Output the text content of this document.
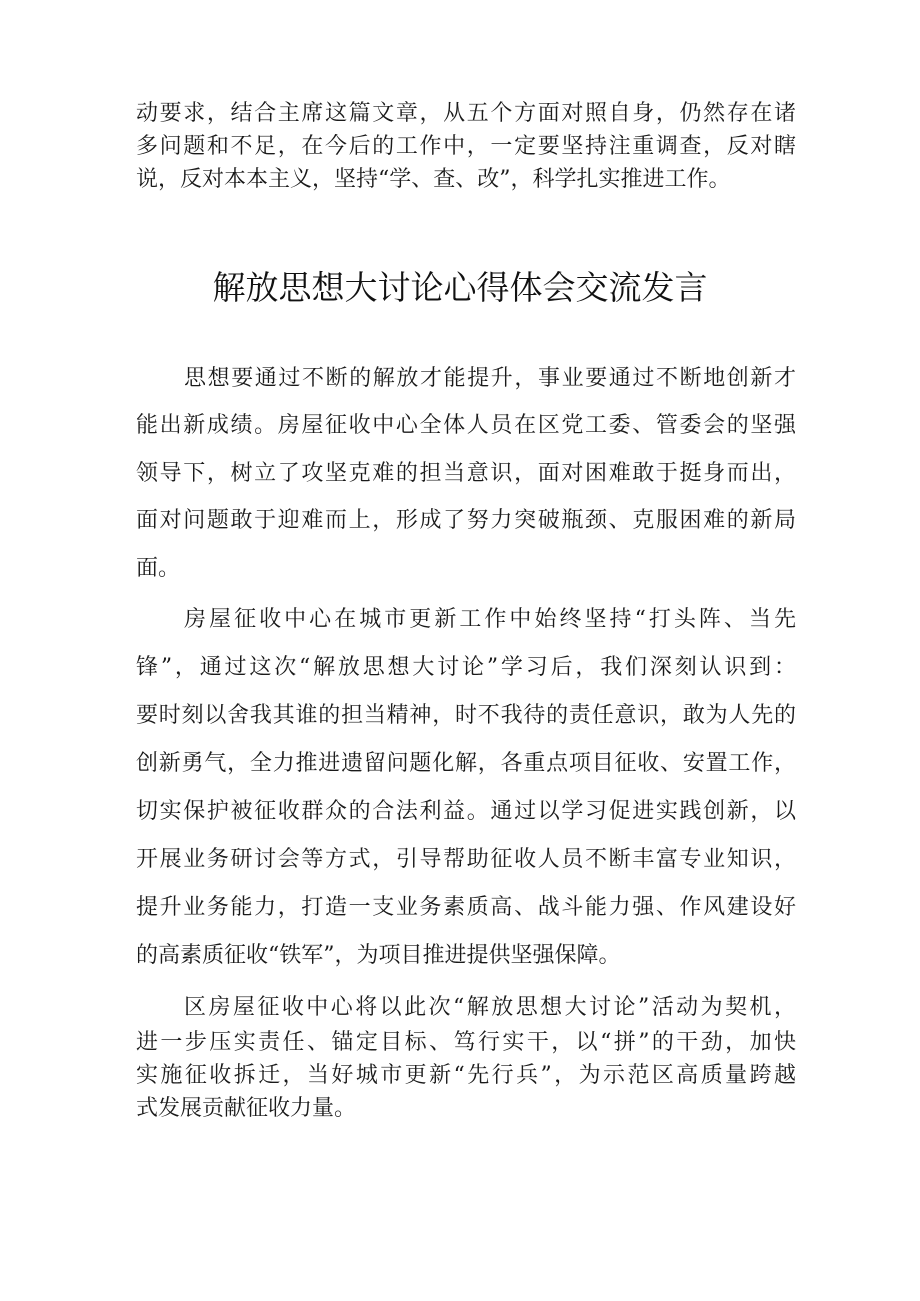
动要求，结合主席这篇文章，从五个方面对照自身，仍然存在诸
多问题和不足，在今后的工作中，一定要坚持注重调查，反对瞎
说，反对本本主义，坚持“学、查、改”，科学扎实推进工作。
解放思想大讨论心得体会交流发言
思想要通过不断的解放才能提升，事业要通过不断地创新才
能出新成绩。房屋征收中心全体人员在区党工委、管委会的坚强
领导下，树立了攻坚克难的担当意识，面对困难敢于挺身而出，
面对问题敢于迎难而上，形成了努力突破瓶颈、克服困难的新局
面。
房屋征收中心在城市更新工作中始终坚持“打头阵、当先
锋”，通过这次“解放思想大讨论”学习后，我们深刻认识到：
要时刻以舍我其谁的担当精神，时不我待的责任意识，敢为人先的
创新勇气，全力推进遗留问题化解，各重点项目征收、安置工作，
切实保护被征收群众的合法利益。通过以学习促进实践创新，以
开展业务研讨会等方式，引导帮助征收人员不断丰富专业知识，
提升业务能力，打造一支业务素质高、战斗能力强、作风建设好
的高素质征收“铁军”，为项目推进提供坚强保障。
区房屋征收中心将以此次“解放思想大讨论”活动为契机，
进一步压实责任、锚定目标、笃行实干，以“拼”的干劲，加快
实施征收拆迁，当好城市更新“先行兵”，为示范区高质量跨越
式发展贡献征收力量。
